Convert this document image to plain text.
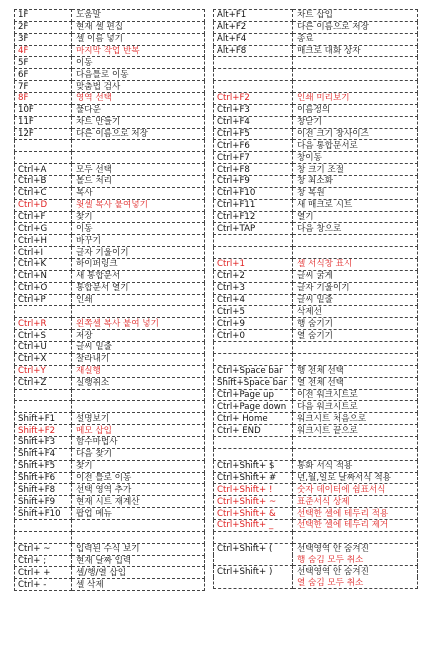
1F	도움말
2F	현재 셀 편집
3F	셀 이름 넣기
4F	마지막 작업 반복
5F	이동
6F	다음틀로 이동
7F	맞춤법 검사
8F	영역 선택
10F	풀다운
11F	차트 만들기
12F	다른 이름으로 저장

Ctrl+A	모두 선택
Ctrl+B	볼드 처리
Ctrl+C	복사
Ctrl+D	윗셀 복사 붙여넣기
Ctrl+F	찾기
Ctrl+G	이동
Ctrl+H	바꾸기
Ctrl+I	글자 기울이기
Ctrl+K	하이퍼링크
Ctrl+N	새 통합문서
Ctrl+O	통합문서 열기
Ctrl+P	인쇄

Ctrl+R	왼쪽셀 복사 붙여 넣기
Ctrl+S	저장
Ctrl+U	글씨 밑줄
Ctrl+X	잘라내기
Ctrl+Y	재실행
Ctrl+Z	실행취소

Shift+F1	설명보기
Shift+F2	메모 삽입
Shift+F3	함수마법사
Shift+F4	다음 찾기
Shift+F5	찾기
Shift+F6	이전 틀로 이동
Shift+F8	선택 영역 추가
Shift+F9	현재 시트 재계산
Shift+F10	팝업 메뉴

Ctrl+ ~	입력된 수식 보기
Ctrl+ ;	현재 날짜 입력
Ctrl+ +	셀/행/열 삽입
Ctrl+ -	셀 삭제
Alt+F1	차트 삽입
Alt+F2	다른 이름으로 저장
Alt+F4	종료
Alt+F8	매크로 대화 상자

Ctrl+F2	인쇄 미리보기
Ctrl+F3	이름정의
Ctrl+F4	창닫기
Ctrl+F5	이전 크기 창사이즈
Ctrl+F6	다음 통합문서로
Ctrl+F7	창이동
Ctrl+F8	창 크기 조절
Ctrl+F9	창 최소화
Ctrl+F10	창 복원
Ctrl+F11	새 매크로 시트
Ctrl+F12	열기
Ctrl+TAP	다음 창으로

Ctrl+1	셀 서식창 표시
Ctrl+2	글씨 굵게
Ctrl+3	글자 기울이기
Ctrl+4	글씨 밑줄
Ctrl+5	삭제선
Ctrl+9	행 숨기기
Ctrl+0	열 숨기기

Ctrl+Space bar	행 전체 선택
Shift+Space bar	열 전체 선택
Ctrl+Page up	이전 워크시트로
Ctrl+Page down	다음 워크시트로
Ctrl+ Home	워크시트 처음으로
Ctrl+ END	워크시트 끝으로

Ctrl+Shift+ $	통화 서식 적용
Ctrl+Shift+ #	년,월,일로 날짜서식 적용
Ctrl+Shift+ !	숫자 데이터에 쉼표서식
Ctrl+Shift+ ~	표준서식 상제
Ctrl+Shift+ &	선택한 셀에 테두리 적용
Ctrl+Shift+ _	선택한 셀에 테두리 제거

Ctrl+Shift+ (	선택영역 안 숨겨진
	행 숨김 모두 취소
Ctrl+Shift+ )	선택영역 안 숨겨진
	열 숨김 모두 취소
